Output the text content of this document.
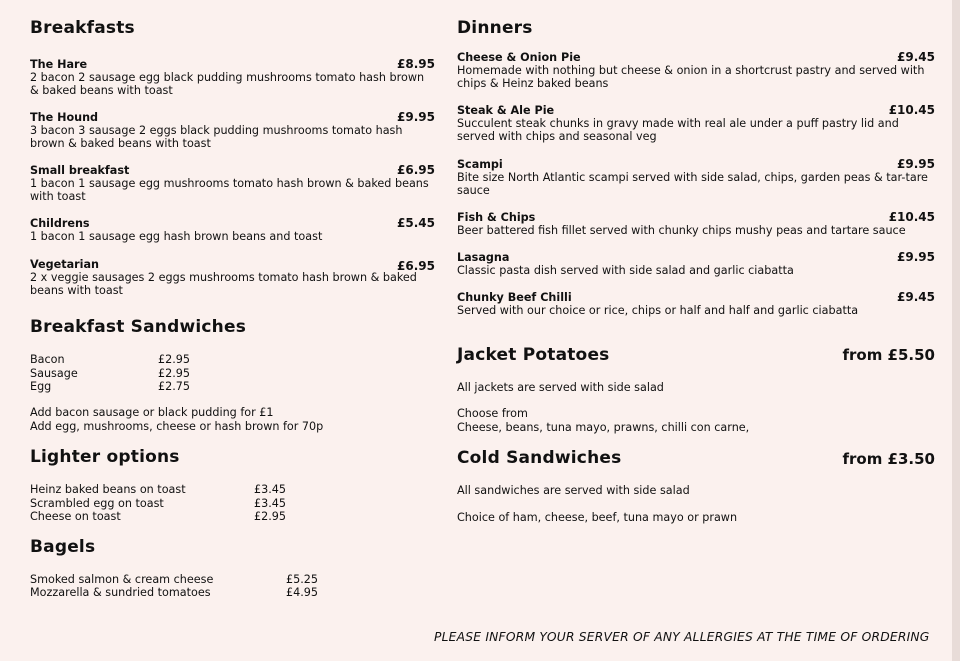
Breakfasts
The Hare	£8.95
2 bacon 2 sausage egg black pudding mushrooms tomato hash brown & baked beans with toast
The Hound	£9.95
3 bacon 3 sausage 2 eggs black pudding mushrooms tomato hash brown & baked beans with toast
Small breakfast	£6.95
1 bacon 1 sausage egg mushrooms tomato hash brown & baked beans with toast
Childrens	£5.45
1 bacon 1 sausage egg hash brown beans and toast
Vegetarian	£6.95
2 x veggie sausages 2 eggs mushrooms tomato hash brown & baked beans with toast
Breakfast Sandwiches
Bacon	£2.95
Sausage	£2.95
Egg	£2.75
Add bacon sausage or black pudding for £1
Add egg, mushrooms, cheese or hash brown for 70p
Lighter options
Heinz baked beans on toast	£3.45
Scrambled egg on toast	£3.45
Cheese on toast	£2.95
Bagels
Smoked salmon & cream cheese	£5.25
Mozzarella & sundried tomatoes	£4.95
Dinners
Cheese & Onion Pie	£9.45
Homemade with nothing but cheese & onion in a shortcrust pastry and served with chips & Heinz baked beans
Steak & Ale Pie	£10.45
Succulent steak chunks in gravy made with real ale under a puff pastry lid and served with chips and seasonal veg
Scampi	£9.95
Bite size North Atlantic scampi served with side salad, chips, garden peas & tar-tare sauce
Fish & Chips	£10.45
Beer battered fish fillet served with chunky chips mushy peas and tartare sauce
Lasagna	£9.95
Classic pasta dish served with side salad and garlic ciabatta
Chunky Beef Chilli	£9.45
Served with our choice or rice, chips or half and half and garlic ciabatta
Jacket Potatoes	from £5.50
All jackets are served with side salad
Choose from
Cheese, beans, tuna mayo, prawns, chilli con carne,
Cold Sandwiches	from £3.50
All sandwiches are served with side salad
Choice of ham, cheese, beef, tuna mayo or prawn
PLEASE INFORM YOUR SERVER OF ANY ALLERGIES AT THE TIME OF ORDERING
